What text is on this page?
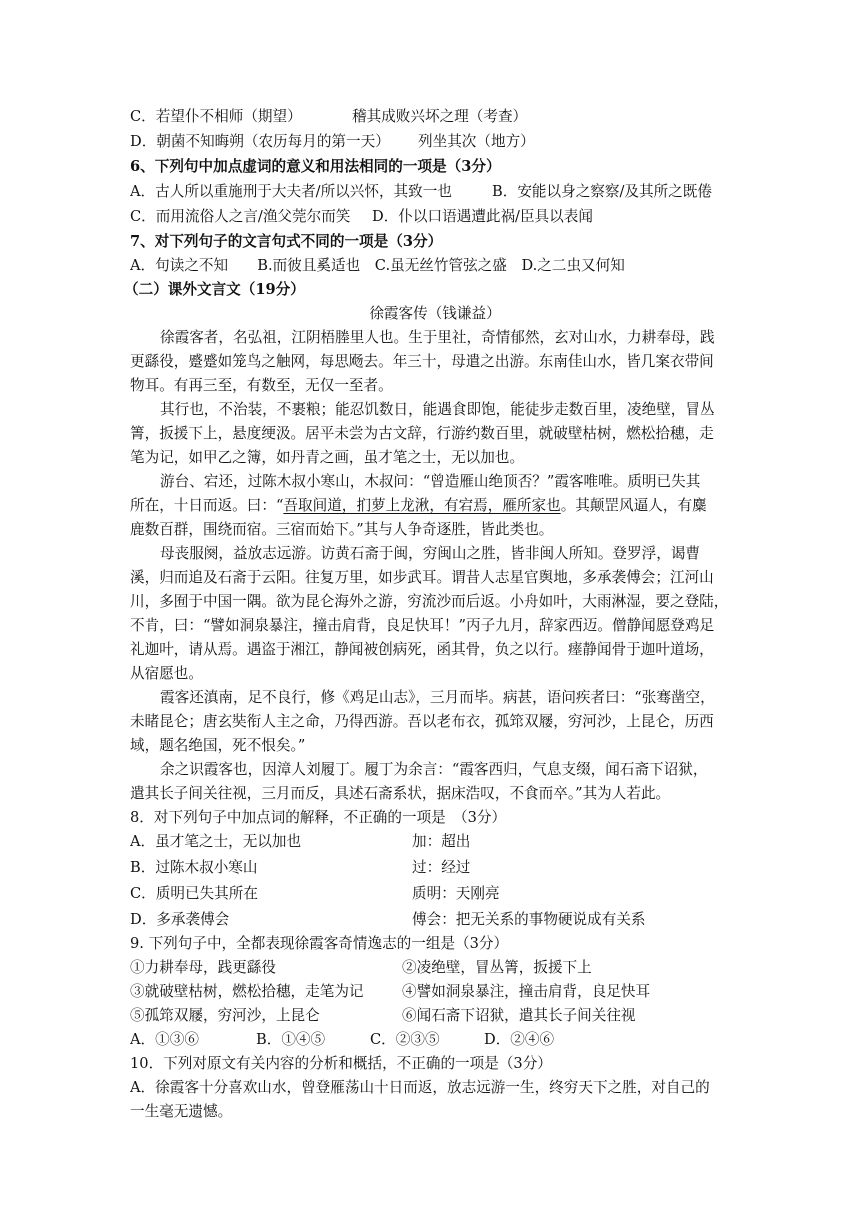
C．若望仆不相师（期望）	稽其成败兴坏之理（考查）
D．朝菌不知晦朔（农历每月的第一天）	列坐其次（地方）
6、下列句中加点虚词的意义和用法相同的一项是（3分）
A．古人所以重施刑于大夫者/所以兴怀，其致一也	B．安能以身之察察/及其所之既倦
C．而用流俗人之言/渔父莞尔而笑	D．仆以口语遇遭此祸/臣具以表闻
7、对下列句子的文言句式不同的一项是（3分）
A．句读之不知　　B.而彼且奚适也　C.虽无丝竹管弦之盛　D.之二虫又何知
（二）课外文言文（19分）
徐霞客传（钱谦益）
徐霞客者，名弘祖，江阴梧塍里人也。生于里社，奇情郁然，玄对山水，力耕奉母，践
更繇役，蹙蹙如笼鸟之触网，每思飏去。年三十，母遣之出游。东南佳山水，皆几案衣带间
物耳。有再三至，有数至，无仅一至者。
其行也，不治装，不裹粮；能忍饥数日，能遇食即饱，能徒步走数百里，凌绝壁，冒丛
箐，扳援下上，悬度绠汲。居平未尝为古文辞，行游约数百里，就破壁枯树，燃松拾穗，走
笔为记，如甲乙之簿，如丹青之画，虽才笔之士，无以加也。
游台、宕还，过陈木叔小寒山，木叔问：“曾造雁山绝顶否？”霞客唯唯。质明已失其
所在，十日而返。曰：“吾取间道，扪萝上龙湫，有宕焉，雁所家也。其颠罡风逼人，有麋
鹿数百群，围绕而宿。三宿而始下。”其与人争奇逐胜，皆此类也。
母丧服阕，益放志远游。访黄石斋于闽，穷闽山之胜，皆非闽人所知。登罗浮，谒曹
溪，归而追及石斋于云阳。往复万里，如步武耳。谓昔人志星官舆地，多承袭傅会；江河山
川，多囿于中国一隅。欲为昆仑海外之游，穷流沙而后返。小舟如叶，大雨淋湿，要之登陆，
不肯，曰：“譬如洞泉暴注，撞击肩背，良足快耳！”丙子九月，辞家西迈。僧静闻愿登鸡足
礼迦叶，请从焉。遇盗于湘江，静闻被创病死，函其骨，负之以行。瘗静闻骨于迦叶道场，
从宿愿也。
霞客还滇南，足不良行，修《鸡足山志》，三月而毕。病甚，语问疾者曰：“张骞凿空，
未睹昆仑；唐玄奘衔人主之命，乃得西游。吾以老布衣，孤筇双屦，穷河沙，上昆仑，历西
域，题名绝国，死不恨矣。”
余之识霞客也，因漳人刘履丁。履丁为余言：“霞客西归，气息支缀，闻石斋下诏狱，
遣其长子间关往视，三月而反，具述石斋系状，据床浩叹，不食而卒。”其为人若此。
8．对下列句子中加点词的解释，不正确的一项是　（3分）
A．虽才笔之士，无以加也	加：超出
B．过陈木叔小寒山	过：经过
C．质明已失其所在	质明：天刚亮
D．多承袭傅会	傅会：把无关系的事物硬说成有关系
9. 下列句子中，全都表现徐霞客奇情逸志的一组是（3分）
①力耕奉母，践更繇役	②凌绝壁，冒丛箐，扳援下上
③就破壁枯树，燃松拾穗，走笔为记	④譬如洞泉暴注，撞击肩背，良足快耳
⑤孤筇双屦，穷河沙，上昆仑	⑥闻石斋下诏狱，遣其长子间关往视
A．①③⑥	B．①④⑤	C．②③⑤	D．②④⑥
10．下列对原文有关内容的分析和概括，不正确的一项是（3分）
A．徐霞客十分喜欢山水，曾登雁荡山十日而返，放志远游一生，终穷天下之胜，对自己的
一生毫无遗憾。
